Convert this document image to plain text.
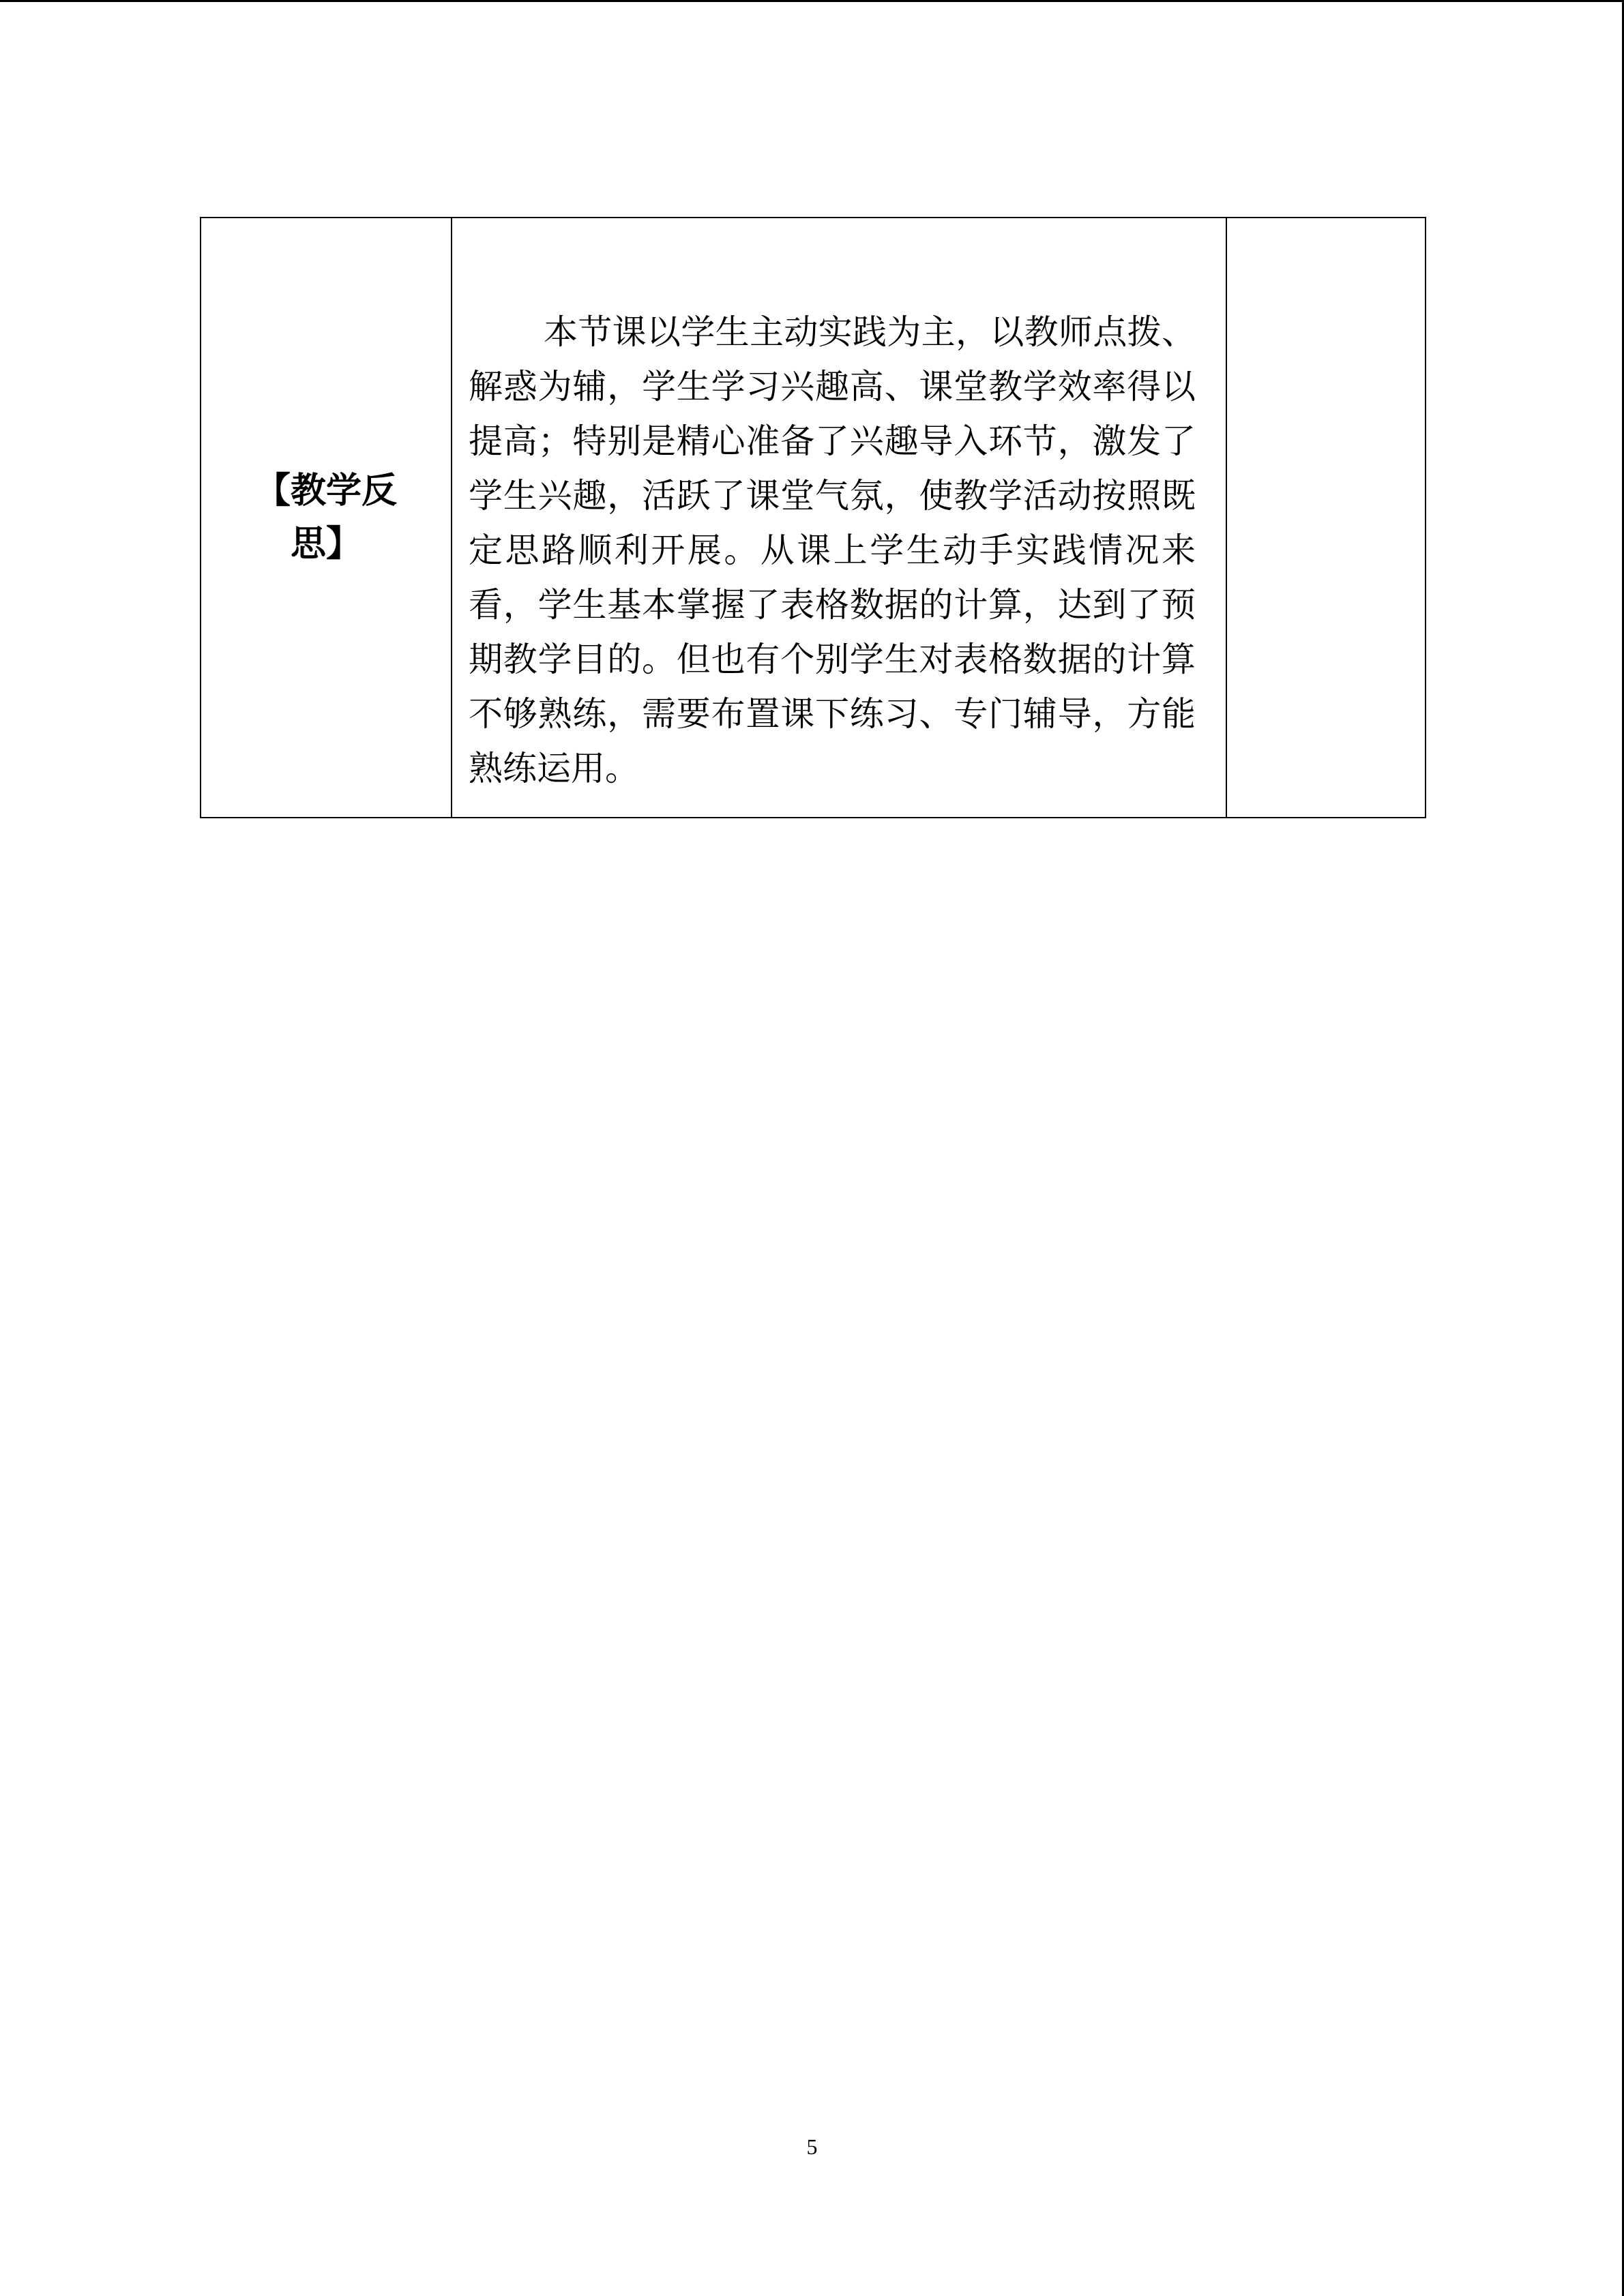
【教学反思】	
本节课以学生主动实践为主，以教师点拨、解惑为辅，学生学习兴趣高、课堂教学效率得以提高；特别是精心准备了兴趣导入环节，激发了学生兴趣，活跃了课堂气氛，使教学活动按照既定思路顺利开展。从课上学生动手实践情况来看，学生基本掌握了表格数据的计算，达到了预期教学目的。但也有个别学生对表格数据的计算不够熟练，需要布置课下练习、专门辅导，方能熟练运用。

5
